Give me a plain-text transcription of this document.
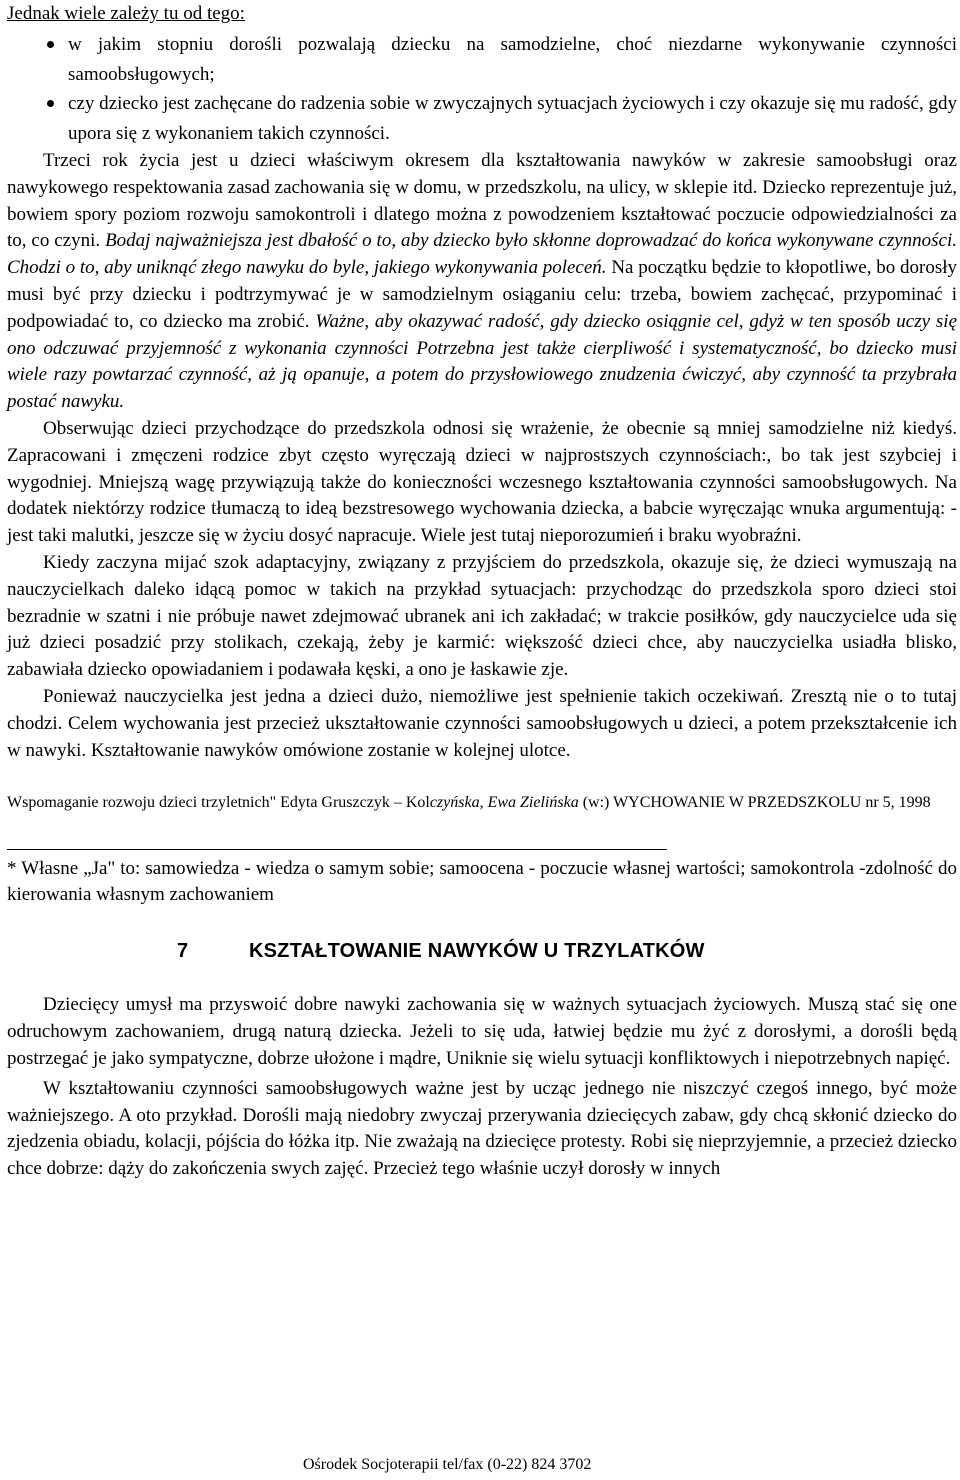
Jednak wiele zależy tu od tego:

w jakim stopniu dorośli pozwalają dziecku na samodzielne, choć niezdarne wykonywanie czynności samoobsługowych;
czy dziecko jest zachęcane do radzenia sobie w zwyczajnych sytuacjach życiowych i czy okazuje się mu radość, gdy upora się z wykonaniem takich czynności.

Trzeci rok życia jest u dzieci właściwym okresem dla kształtowania nawyków w zakresie samoobsługi oraz nawykowego respektowania zasad zachowania się w domu, w przedszkolu, na ulicy, w sklepie itd. Dziecko reprezentuje już, bowiem spory poziom rozwoju samokontroli i dlatego można z powodzeniem kształtować poczucie odpowiedzialności za to, co czyni. Bodaj najważniejsza jest dbałość o to, aby dziecko było skłonne doprowadzać do końca wykonywane czynności. Chodzi o to, aby uniknąć złego nawyku do byle, jakiego wykonywania poleceń. Na początku będzie to kłopotliwe, bo dorosły musi być przy dziecku i podtrzymywać je w samodzielnym osiąganiu celu: trzeba, bowiem zachęcać, przypominać i podpowiadać to, co dziecko ma zrobić. Ważne, aby okazywać radość, gdy dziecko osiągnie cel, gdyż w ten sposób uczy się ono odczuwać przyjemność z wykonania czynności Potrzebna jest także cierpliwość i systematyczność, bo dziecko musi wiele razy powtarzać czynność, aż ją opanuje, a potem do przysłowiowego znudzenia ćwiczyć, aby czynność ta przybrała postać nawyku.

Obserwując dzieci przychodzące do przedszkola odnosi się wrażenie, że obecnie są mniej samodzielne niż kiedyś. Zapracowani i zmęczeni rodzice zbyt często wyręczają dzieci w najprostszych czynnościach:, bo tak jest szybciej i wygodniej. Mniejszą wagę przywiązują także do konieczności wczesnego kształtowania czynności samoobsługowych. Na dodatek niektórzy rodzice tłumaczą to ideą bezstresowego wychowania dziecka, a babcie wyręczając wnuka argumentują: -jest taki malutki, jeszcze się w życiu dosyć napracuje. Wiele jest tutaj nieporozumień i braku wyobraźni.

Kiedy zaczyna mijać szok adaptacyjny, związany z przyjściem do przedszkola, okazuje się, że dzieci wymuszają na nauczycielkach daleko idącą pomoc w takich na przykład sytuacjach: przychodząc do przedszkola sporo dzieci stoi bezradnie w szatni i nie próbuje nawet zdejmować ubranek ani ich zakładać; w trakcie posiłków, gdy nauczycielce uda się już dzieci posadzić przy stolikach, czekają, żeby je karmić: większość dzieci chce, aby nauczycielka usiadła blisko, zabawiała dziecko opowiadaniem i podawała kęski, a ono je łaskawie zje.

Ponieważ nauczycielka jest jedna a dzieci dużo, niemożliwe jest spełnienie takich oczekiwań. Zresztą nie o to tutaj chodzi. Celem wychowania jest przecież ukształtowanie czynności samoobsługowych u dzieci, a potem przekształcenie ich w nawyki. Kształtowanie nawyków omówione zostanie w kolejnej ulotce.

Wspomaganie rozwoju dzieci trzyletnich" Edyta Gruszczyk – Kolczyńska, Ewa Zielińska (w:) WYCHOWANIE W PRZEDSZKOLU nr 5, 1998

* Własne „Ja" to: samowiedza - wiedza o samym sobie; samoocena - poczucie własnej wartości; samokontrola -zdolność do kierowania własnym zachowaniem

7	KSZTAŁTOWANIE NAWYKÓW U TRZYLATKÓW

Dziecięcy umysł ma przyswoić dobre nawyki zachowania się w ważnych sytuacjach życiowych. Muszą stać się one odruchowym zachowaniem, drugą naturą dziecka. Jeżeli to się uda, łatwiej będzie mu żyć z dorosłymi, a dorośli będą postrzegać je jako sympatyczne, dobrze ułożone i mądre, Uniknie się wielu sytuacji konfliktowych i niepotrzebnych napięć.

W kształtowaniu czynności samoobsługowych ważne jest by ucząc jednego nie niszczyć czegoś innego, być może ważniejszego. A oto przykład. Dorośli mają niedobry zwyczaj przerywania dziecięcych zabaw, gdy chcą skłonić dziecko do zjedzenia obiadu, kolacji, pójścia do łóżka itp. Nie zważają na dziecięce protesty. Robi się nieprzyjemnie, a przecież dziecko chce dobrze: dąży do zakończenia swych zajęć. Przecież tego właśnie uczył dorosły w innych

Ośrodek Socjoterapii tel/fax (0-22) 824 3702
